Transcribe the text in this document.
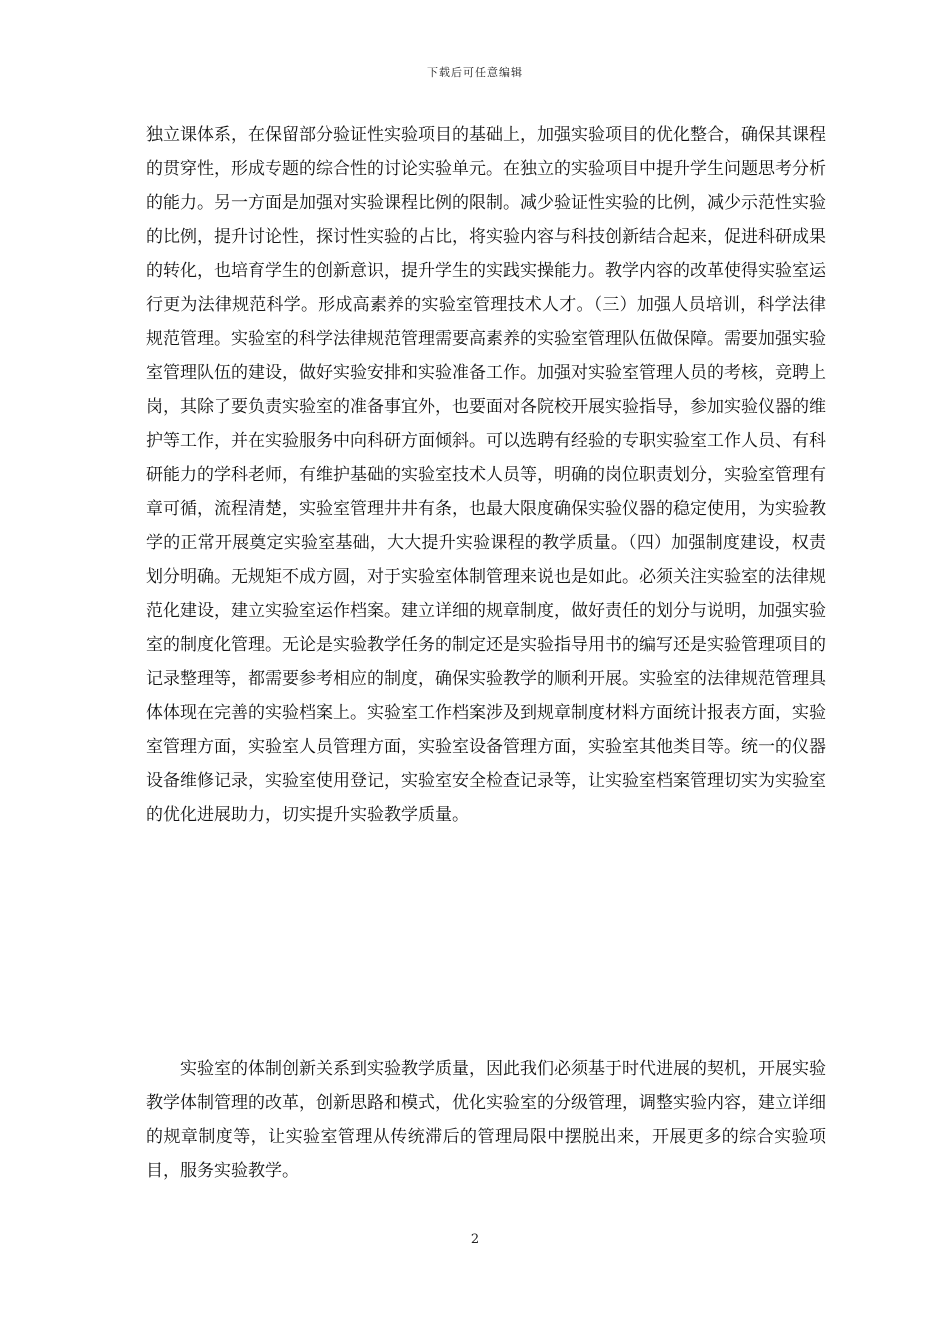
下载后可任意编辑

独立课体系，在保留部分验证性实验项目的基础上，加强实验项目的优化整合，确保其课程的贯穿性，形成专题的综合性的讨论实验单元。在独立的实验项目中提升学生问题思考分析的能力。另一方面是加强对实验课程比例的限制。减少验证性实验的比例，减少示范性实验的比例，提升讨论性，探讨性实验的占比，将实验内容与科技创新结合起来，促进科研成果的转化，也培育学生的创新意识，提升学生的实践实操能力。教学内容的改革使得实验室运行更为法律规范科学。形成高素养的实验室管理技术人才。（三）加强人员培训，科学法律规范管理。实验室的科学法律规范管理需要高素养的实验室管理队伍做保障。需要加强实验室管理队伍的建设，做好实验安排和实验准备工作。加强对实验室管理人员的考核，竞聘上岗，其除了要负责实验室的准备事宜外，也要面对各院校开展实验指导，参加实验仪器的维护等工作，并在实验服务中向科研方面倾斜。可以选聘有经验的专职实验室工作人员、有科研能力的学科老师，有维护基础的实验室技术人员等，明确的岗位职责划分，实验室管理有章可循，流程清楚，实验室管理井井有条，也最大限度确保实验仪器的稳定使用，为实验教学的正常开展奠定实验室基础，大大提升实验课程的教学质量。（四）加强制度建设，权责划分明确。无规矩不成方圆，对于实验室体制管理来说也是如此。必须关注实验室的法律规范化建设，建立实验室运作档案。建立详细的规章制度，做好责任的划分与说明，加强实验室的制度化管理。无论是实验教学任务的制定还是实验指导用书的编写还是实验管理项目的记录整理等，都需要参考相应的制度，确保实验教学的顺利开展。实验室的法律规范管理具体体现在完善的实验档案上。实验室工作档案涉及到规章制度材料方面统计报表方面，实验室管理方面，实验室人员管理方面，实验室设备管理方面，实验室其他类目等。统一的仪器设备维修记录，实验室使用登记，实验室安全检查记录等，让实验室档案管理切实为实验室的优化进展助力，切实提升实验教学质量。

实验室的体制创新关系到实验教学质量，因此我们必须基于时代进展的契机，开展实验教学体制管理的改革，创新思路和模式，优化实验室的分级管理，调整实验内容，建立详细的规章制度等，让实验室管理从传统滞后的管理局限中摆脱出来，开展更多的综合实验项目，服务实验教学。

2
